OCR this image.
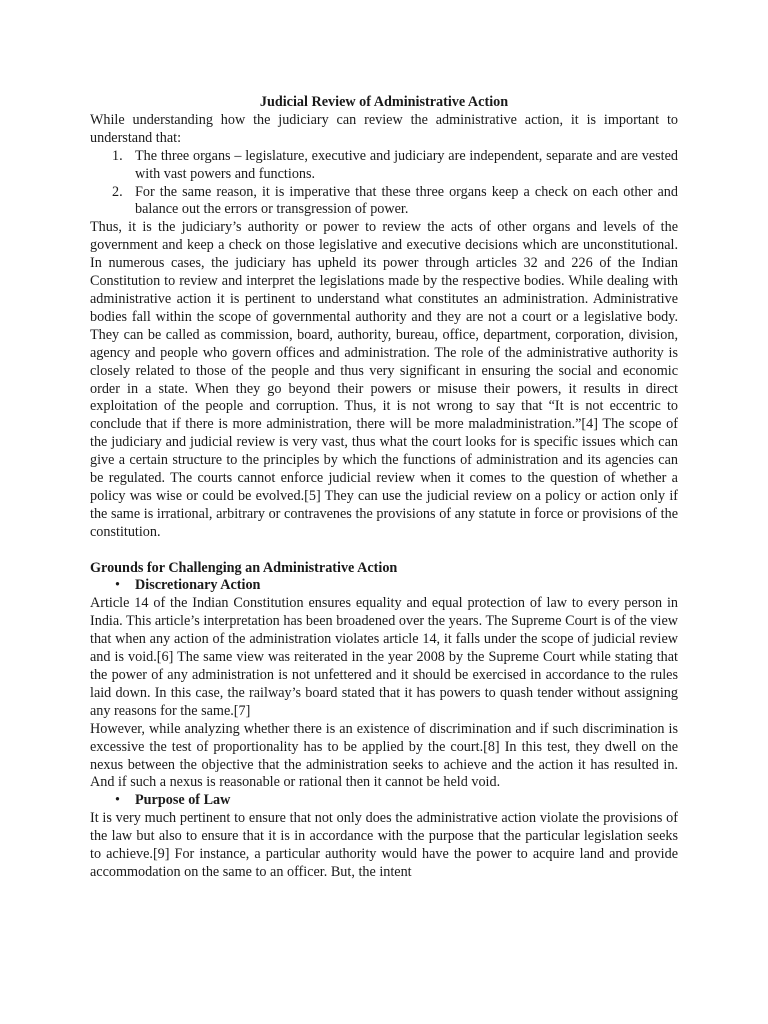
Judicial Review of Administrative Action

While understanding how the judiciary can review the administrative action, it is important to understand that:

1. The three organs – legislature, executive and judiciary are independent, separate and are vested with vast powers and functions.
2. For the same reason, it is imperative that these three organs keep a check on each other and balance out the errors or transgression of power.

Thus, it is the judiciary’s authority or power to review the acts of other organs and levels of the government and keep a check on those legislative and executive decisions which are unconstitutional. In numerous cases, the judiciary has upheld its power through articles 32 and 226 of the Indian Constitution to review and interpret the legislations made by the respective bodies. While dealing with administrative action it is pertinent to understand what constitutes an administration. Administrative bodies fall within the scope of governmental authority and they are not a court or a legislative body. They can be called as commission, board, authority, bureau, office, department, corporation, division, agency and people who govern offices and administration. The role of the administrative authority is closely related to those of the people and thus very significant in ensuring the social and economic order in a state. When they go beyond their powers or misuse their powers, it results in direct exploitation of the people and corruption. Thus, it is not wrong to say that “It is not eccentric to conclude that if there is more administration, there will be more maladministration.”[4] The scope of the judiciary and judicial review is very vast, thus what the court looks for is specific issues which can give a certain structure to the principles by which the functions of administration and its agencies can be regulated. The courts cannot enforce judicial review when it comes to the question of whether a policy was wise or could be evolved.[5] They can use the judicial review on a policy or action only if the same is irrational, arbitrary or contravenes the provisions of any statute in force or provisions of the constitution.

Grounds for Challenging an Administrative Action

• Discretionary Action

Article 14 of the Indian Constitution ensures equality and equal protection of law to every person in India. This article’s interpretation has been broadened over the years. The Supreme Court is of the view that when any action of the administration violates article 14, it falls under the scope of judicial review and is void.[6] The same view was reiterated in the year 2008 by the Supreme Court while stating that the power of any administration is not unfettered and it should be exercised in accordance to the rules laid down. In this case, the railway’s board stated that it has powers to quash tender without assigning any reasons for the same.[7]

However, while analyzing whether there is an existence of discrimination and if such discrimination is excessive the test of proportionality has to be applied by the court.[8] In this test, they dwell on the nexus between the objective that the administration seeks to achieve and the action it has resulted in. And if such a nexus is reasonable or rational then it cannot be held void.

• Purpose of Law

It is very much pertinent to ensure that not only does the administrative action violate the provisions of the law but also to ensure that it is in accordance with the purpose that the particular legislation seeks to achieve.[9] For instance, a particular authority would have the power to acquire land and provide accommodation on the same to an officer. But, the intent
